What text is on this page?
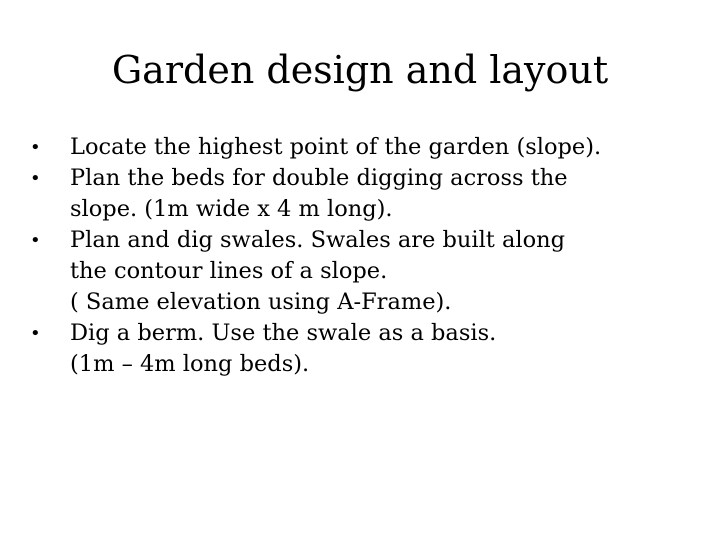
Garden design and layout
• Locate the highest point of the garden (slope).
• Plan the beds for double digging across the
slope. (1m wide x 4 m long).
• Plan and dig swales. Swales are built along
the contour lines of a slope.
( Same elevation using A-Frame).
• Dig a berm. Use the swale as a basis.
(1m – 4m long beds).
